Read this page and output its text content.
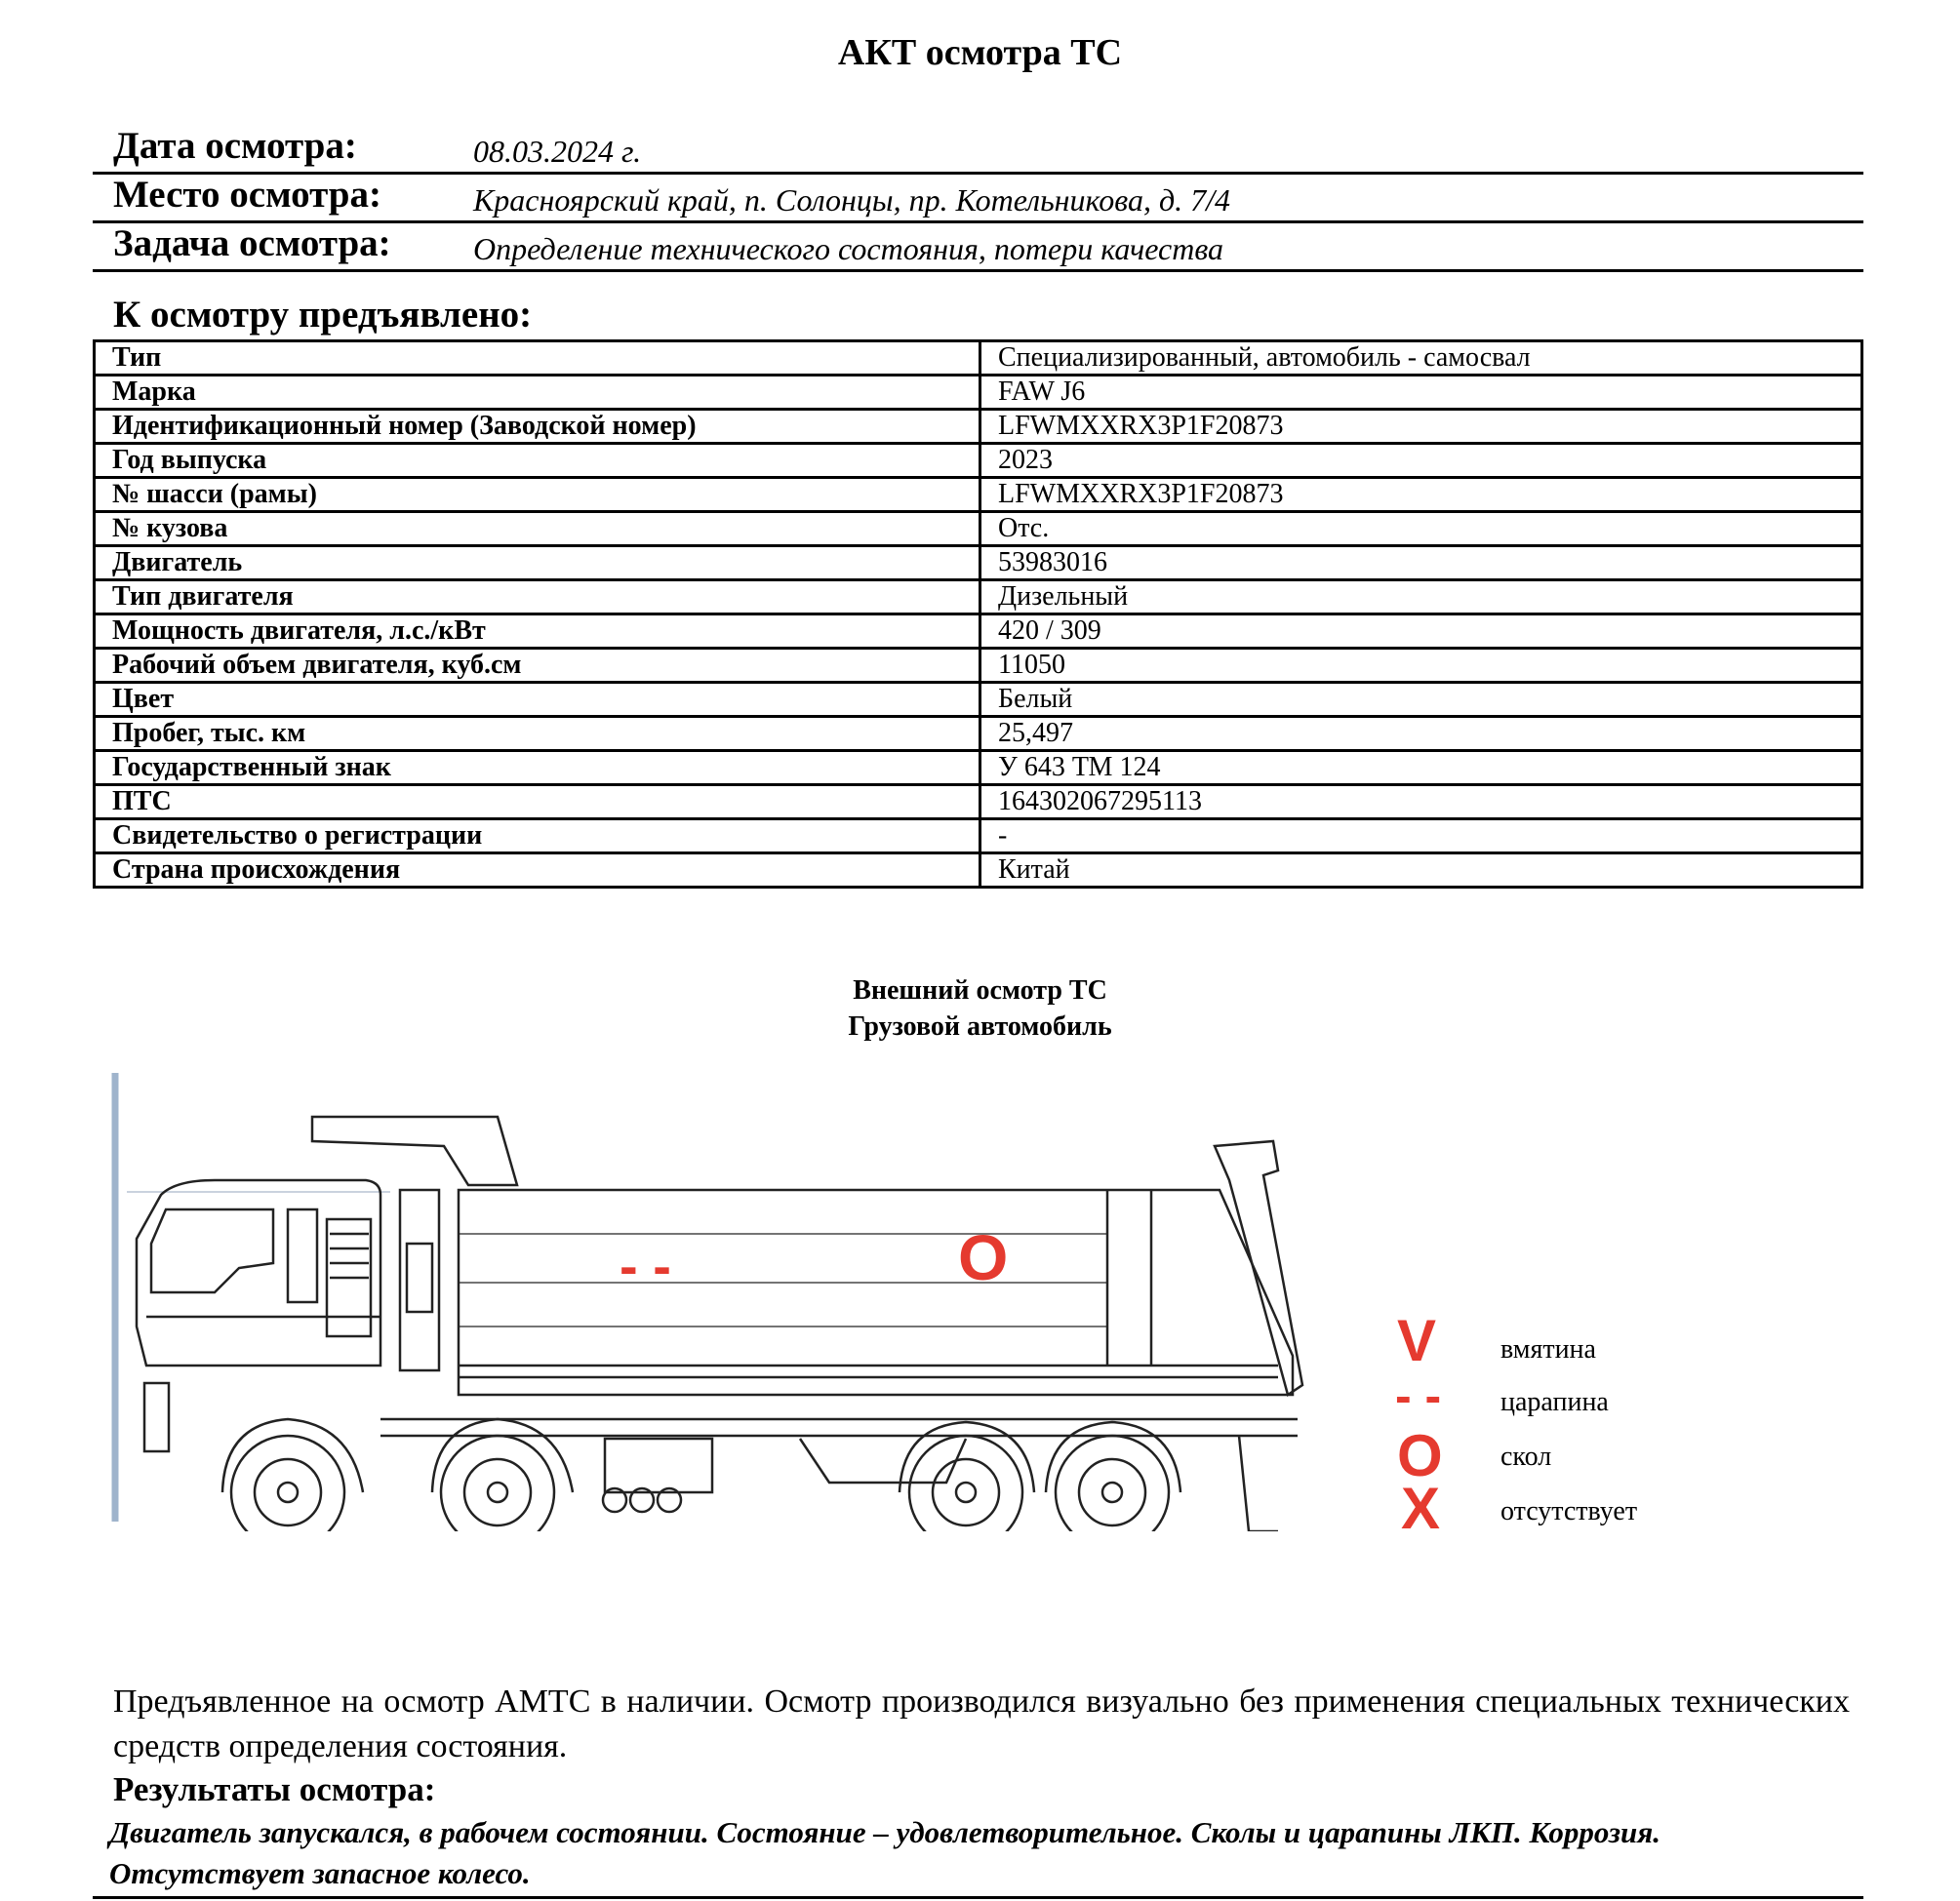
АКТ осмотра ТС
Дата осмотра:	08.03.2024 г.
Место осмотра:	Красноярский край, п. Солонцы, пр. Котельникова, д. 7/4
Задача осмотра:	Определение технического состояния, потери качества
К осмотру предъявлено:
Тип	Специализированный, автомобиль - самосвал
Марка	FAW J6
Идентификационный номер (Заводской номер)	LFWMXXRX3P1F20873
Год выпуска	2023
№ шасси (рамы)	LFWMXXRX3P1F20873
№ кузова	Отс.
Двигатель	53983016
Тип двигателя	Дизельный
Мощность двигателя, л.с./кВт	420 / 309
Рабочий объем двигателя, куб.см	11050
Цвет	Белый
Пробег, тыс. км	25,497
Государственный знак	У 643 ТМ 124
ПТС	164302067295113
Свидетельство о регистрации	-
Страна происхождения	Китай
Внешний осмотр ТС
Грузовой автомобиль
- -	O
V вмятина
- - царапина
O скол
X отсутствует
Предъявленное на осмотр АМТС в наличии. Осмотр производился визуально без применения специальных технических средств определения состояния.
Результаты осмотра:
Двигатель запускался, в рабочем состоянии. Состояние – удовлетворительное. Сколы и царапины ЛКП. Коррозия. Отсутствует запасное колесо.
